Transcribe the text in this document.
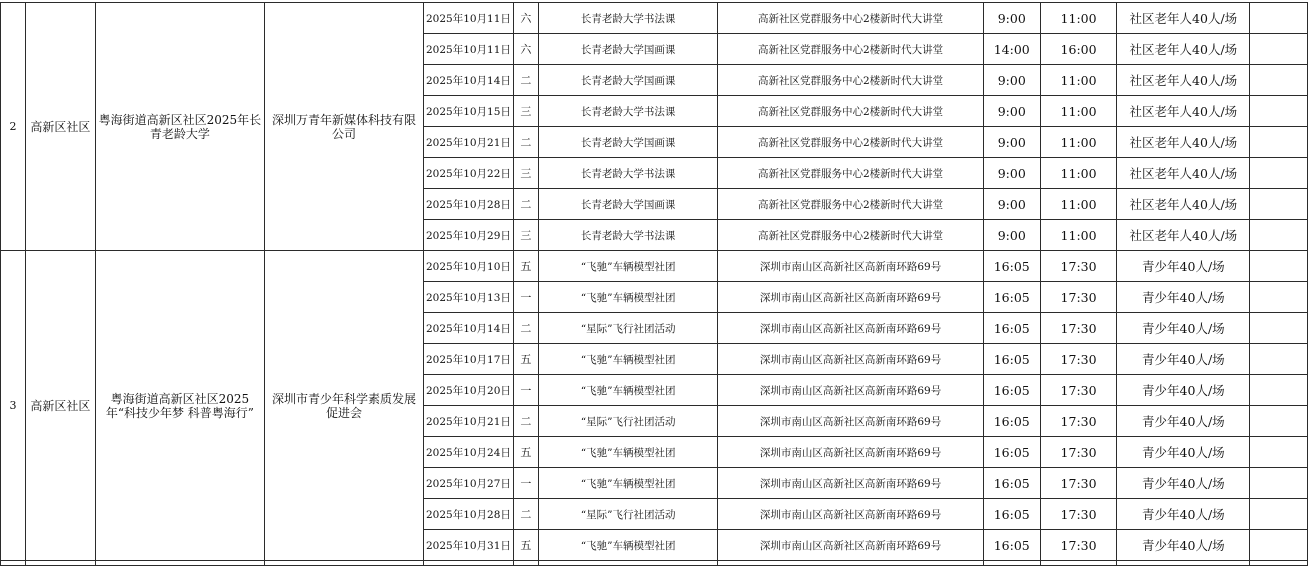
2	高新区社区	粤海街道高新区社区2025年长青老龄大学	深圳万青年新媒体科技有限公司	2025年10月11日	六	长青老龄大学书法课	高新社区党群服务中心2楼新时代大讲堂	9:00	11:00	社区老年人40人/场	
				2025年10月11日	六	长青老龄大学国画课	高新社区党群服务中心2楼新时代大讲堂	14:00	16:00	社区老年人40人/场	
				2025年10月14日	二	长青老龄大学国画课	高新社区党群服务中心2楼新时代大讲堂	9:00	11:00	社区老年人40人/场	
				2025年10月15日	三	长青老龄大学书法课	高新社区党群服务中心2楼新时代大讲堂	9:00	11:00	社区老年人40人/场	
				2025年10月21日	二	长青老龄大学国画课	高新社区党群服务中心2楼新时代大讲堂	9:00	11:00	社区老年人40人/场	
				2025年10月22日	三	长青老龄大学书法课	高新社区党群服务中心2楼新时代大讲堂	9:00	11:00	社区老年人40人/场	
				2025年10月28日	二	长青老龄大学国画课	高新社区党群服务中心2楼新时代大讲堂	9:00	11:00	社区老年人40人/场	
				2025年10月29日	三	长青老龄大学书法课	高新社区党群服务中心2楼新时代大讲堂	9:00	11:00	社区老年人40人/场	
3	高新区社区	粤海街道高新区社区2025年“科技少年梦 科普粤海行”	深圳市青少年科学素质发展促进会	2025年10月10日	五	“飞驰”车辆模型社团	深圳市南山区高新社区高新南环路69号	16:05	17:30	青少年40人/场	
				2025年10月13日	一	“飞驰”车辆模型社团	深圳市南山区高新社区高新南环路69号	16:05	17:30	青少年40人/场	
				2025年10月14日	二	“星际”飞行社团活动	深圳市南山区高新社区高新南环路69号	16:05	17:30	青少年40人/场	
				2025年10月17日	五	“飞驰”车辆模型社团	深圳市南山区高新社区高新南环路69号	16:05	17:30	青少年40人/场	
				2025年10月20日	一	“飞驰”车辆模型社团	深圳市南山区高新社区高新南环路69号	16:05	17:30	青少年40人/场	
				2025年10月21日	二	“星际”飞行社团活动	深圳市南山区高新社区高新南环路69号	16:05	17:30	青少年40人/场	
				2025年10月24日	五	“飞驰”车辆模型社团	深圳市南山区高新社区高新南环路69号	16:05	17:30	青少年40人/场	
				2025年10月27日	一	“飞驰”车辆模型社团	深圳市南山区高新社区高新南环路69号	16:05	17:30	青少年40人/场	
				2025年10月28日	二	“星际”飞行社团活动	深圳市南山区高新社区高新南环路69号	16:05	17:30	青少年40人/场	
				2025年10月31日	五	“飞驰”车辆模型社团	深圳市南山区高新社区高新南环路69号	16:05	17:30	青少年40人/场	
